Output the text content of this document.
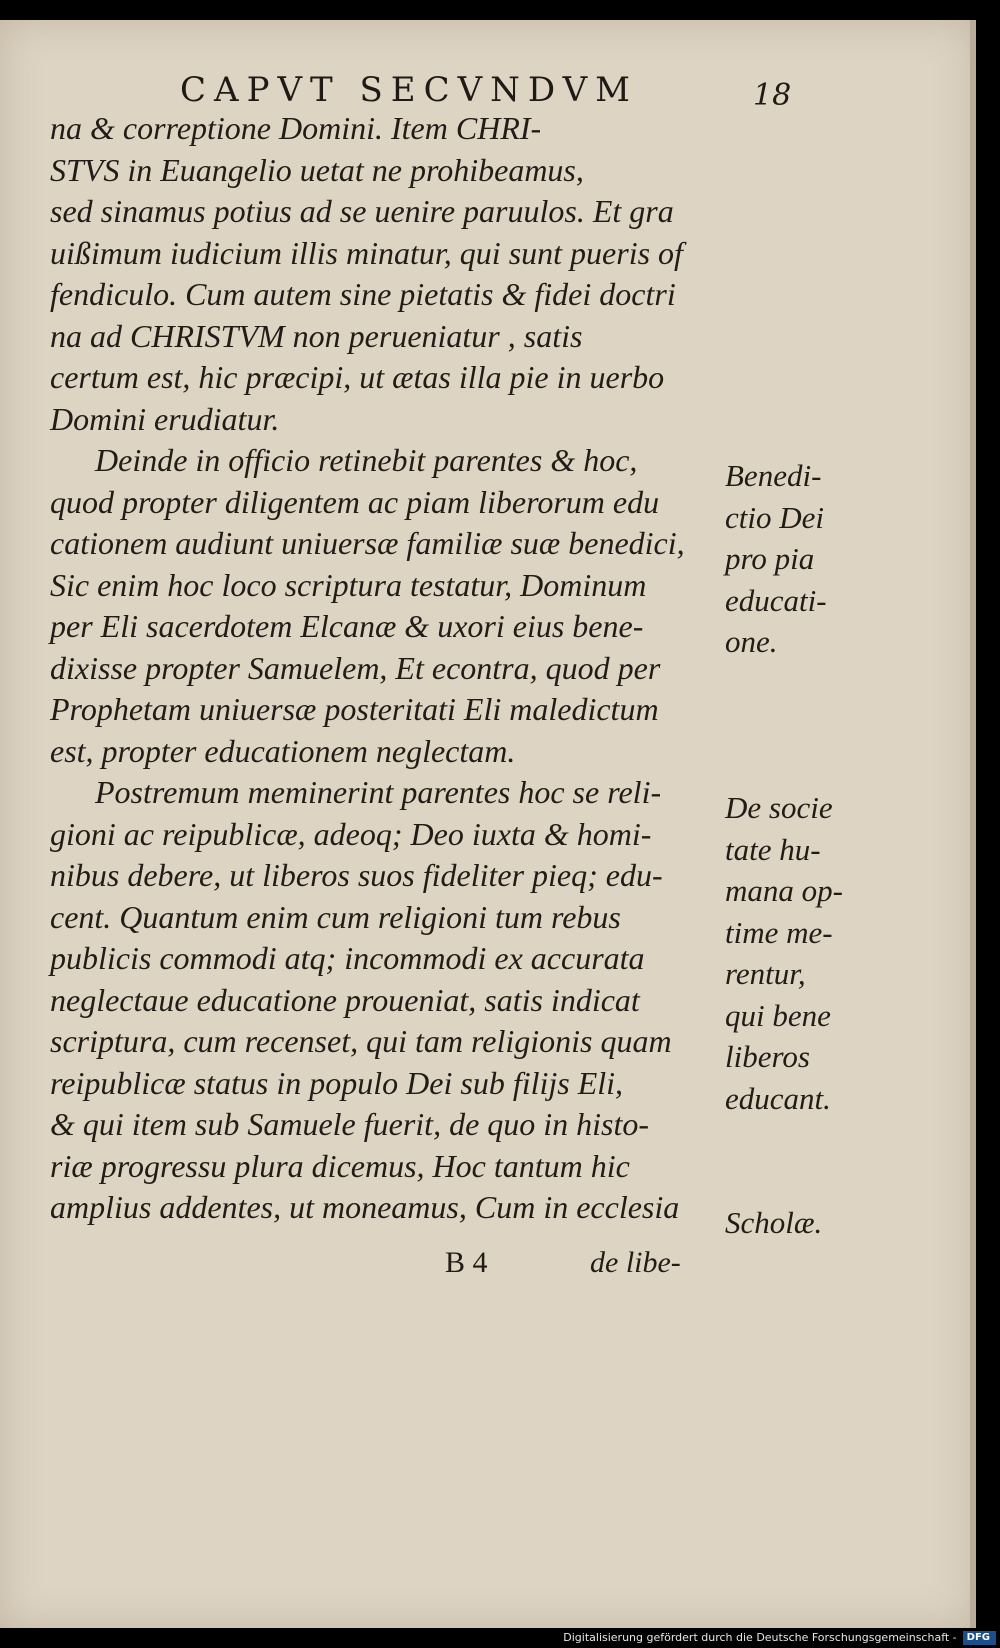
CAPVT SECVNDVM	18
na & correptione Domini. Item CHRI-
STVS in Euangelio uetat ne prohibeamus,
sed sinamus potius ad se uenire paruulos. Et gra
uißimum iudicium illis minatur, qui sunt pueris of
fendiculo. Cum autem sine pietatis & fidei doctri
na ad CHRISTVM non perueniatur , satis
certum est, hic præcipi, ut ætas illa pie in uerbo
Domini erudiatur.
Deinde in officio retinebit parentes & hoc,
quod propter diligentem ac piam liberorum edu
cationem audiunt uniuersæ familiæ suæ benedici,
Sic enim hoc loco scriptura testatur, Dominum
per Eli sacerdotem Elcanæ & uxori eius bene-
dixisse propter Samuelem, Et econtra, quod per
Prophetam uniuersæ posteritati Eli maledictum
est, propter educationem neglectam.
Postremum meminerint parentes hoc se reli-
gioni ac reipublicæ, adeoq; Deo iuxta & homi-
nibus debere, ut liberos suos fideliter pieq; edu-
cent. Quantum enim cum religioni tum rebus
publicis commodi atq; incommodi ex accurata
neglectaue educatione proueniat, satis indicat
scriptura, cum recenset, qui tam religionis quam
reipublicæ status in populo Dei sub filijs Eli,
& qui item sub Samuele fuerit, de quo in histo-
riæ progressu plura dicemus, Hoc tantum hic
amplius addentes, ut moneamus, Cum in ecclesia
Benedi-
ctio Dei
pro pia
educati-
one.
De socie
tate hu-
mana op-
time me-
rentur,
qui bene
liberos
educant.
Scholæ.
B 4	de libe-
Digitalisierung gefördert durch die Deutsche Forschungsgemeinschaft - DFG
